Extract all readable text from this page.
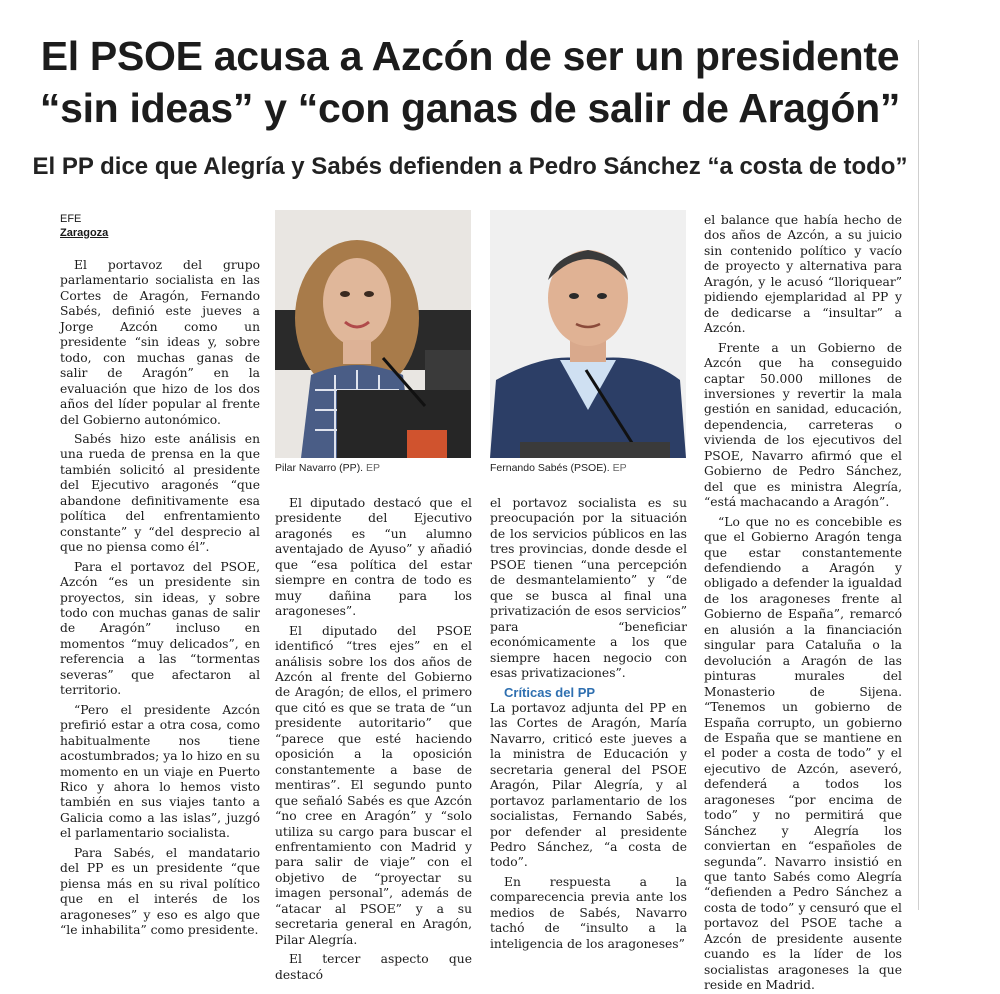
El PSOE acusa a Azcón de ser un presidente
“sin ideas” y “con ganas de salir de Aragón”
El PP dice que Alegría y Sabés defienden a Pedro Sánchez “a costa de todo”
EFE
Zaragoza

El portavoz del grupo parlamentario socialista en las Cortes de Aragón, Fernando Sabés, definió este jueves a Jorge Azcón como un presidente “sin ideas y, sobre todo, con muchas ganas de salir de Aragón” en la evaluación que hizo de los dos años del líder popular al frente del Gobierno autonómico.

Sabés hizo este análisis en una rueda de prensa en la que también solicitó al presidente del Ejecutivo aragonés “que abandone definitivamente esa política del enfrentamiento constante” y “del desprecio al que no piensa como él”.

Para el portavoz del PSOE, Azcón “es un presidente sin proyectos, sin ideas, y sobre todo con muchas ganas de salir de Aragón” incluso en momentos “muy delicados”, en referencia a las “tormentas severas” que afectaron al territorio.

“Pero el presidente Azcón prefirió estar a otra cosa, como habitualmente nos tiene acostumbrados; ya lo hizo en su momento en un viaje en Puerto Rico y ahora lo hemos visto también en sus viajes tanto a Galicia como a las islas”, juzgó el parlamentario socialista.

Para Sabés, el mandatario del PP es un presidente “que piensa más en su rival político que en el interés de los aragoneses” y eso es algo que “le inhabilita” como presidente.

Pilar Navarro (PP). EP

El diputado destacó que el presidente del Ejecutivo aragonés es “un alumno aventajado de Ayuso” y añadió que “esa política del estar siempre en contra de todo es muy dañina para los aragoneses”.

El diputado del PSOE identificó “tres ejes” en el análisis sobre los dos años de Azcón al frente del Gobierno de Aragón; de ellos, el primero que citó es que se trata de “un presidente autoritario” que “parece que esté haciendo oposición a la oposición constantemente a base de mentiras”. El segundo punto que señaló Sabés es que Azcón “no cree en Aragón” y “solo utiliza su cargo para buscar el enfrentamiento con Madrid y para salir de viaje” con el objetivo de “proyectar su imagen personal”, además de “atacar al PSOE” y a su secretaria general en Aragón, Pilar Alegría.

El tercer aspecto que destacó

Fernando Sabés (PSOE). EP

el portavoz socialista es su preocupación por la situación de los servicios públicos en las tres provincias, donde desde el PSOE tienen “una percepción de desmantelamiento” y “de que se busca al final una privatización de esos servicios” para “beneficiar económicamente a los que siempre hacen negocio con esas privatizaciones”.

Críticas del PP

La portavoz adjunta del PP en las Cortes de Aragón, María Navarro, criticó este jueves a la ministra de Educación y secretaria general del PSOE Aragón, Pilar Alegría, y al portavoz parlamentario de los socialistas, Fernando Sabés, por defender al presidente Pedro Sánchez, “a costa de todo”.

En respuesta a la comparecencia previa ante los medios de Sabés, Navarro tachó de “insulto a la inteligencia de los aragoneses”

el balance que había hecho de dos años de Azcón, a su juicio sin contenido político y vacío de proyecto y alternativa para Aragón, y le acusó “lloriquear” pidiendo ejemplaridad al PP y de dedicarse a “insultar” a Azcón.

Frente a un Gobierno de Azcón que ha conseguido captar 50.000 millones de inversiones y revertir la mala gestión en sanidad, educación, dependencia, carreteras o vivienda de los ejecutivos del PSOE, Navarro afirmó que el Gobierno de Pedro Sánchez, del que es ministra Alegría, “está machacando a Aragón”.

“Lo que no es concebible es que el Gobierno Aragón tenga que estar constantemente defendiendo a Aragón y obligado a defender la igualdad de los aragoneses frente al Gobierno de España”, remarcó en alusión a la financiación singular para Cataluña o la devolución a Aragón de las pinturas murales del Monasterio de Sijena. “Tenemos un gobierno de España corrupto, un gobierno de España que se mantiene en el poder a costa de todo” y el ejecutivo de Azcón, aseveró, defenderá a todos los aragoneses “por encima de todo” y no permitirá que Sánchez y Alegría los conviertan en “españoles de segunda”. Navarro insistió en que tanto Sabés como Alegría “defienden a Pedro Sánchez a costa de todo” y censuró que el portavoz del PSOE tache a Azcón de presidente ausente cuando es la líder de los socialistas aragoneses la que reside en Madrid.
